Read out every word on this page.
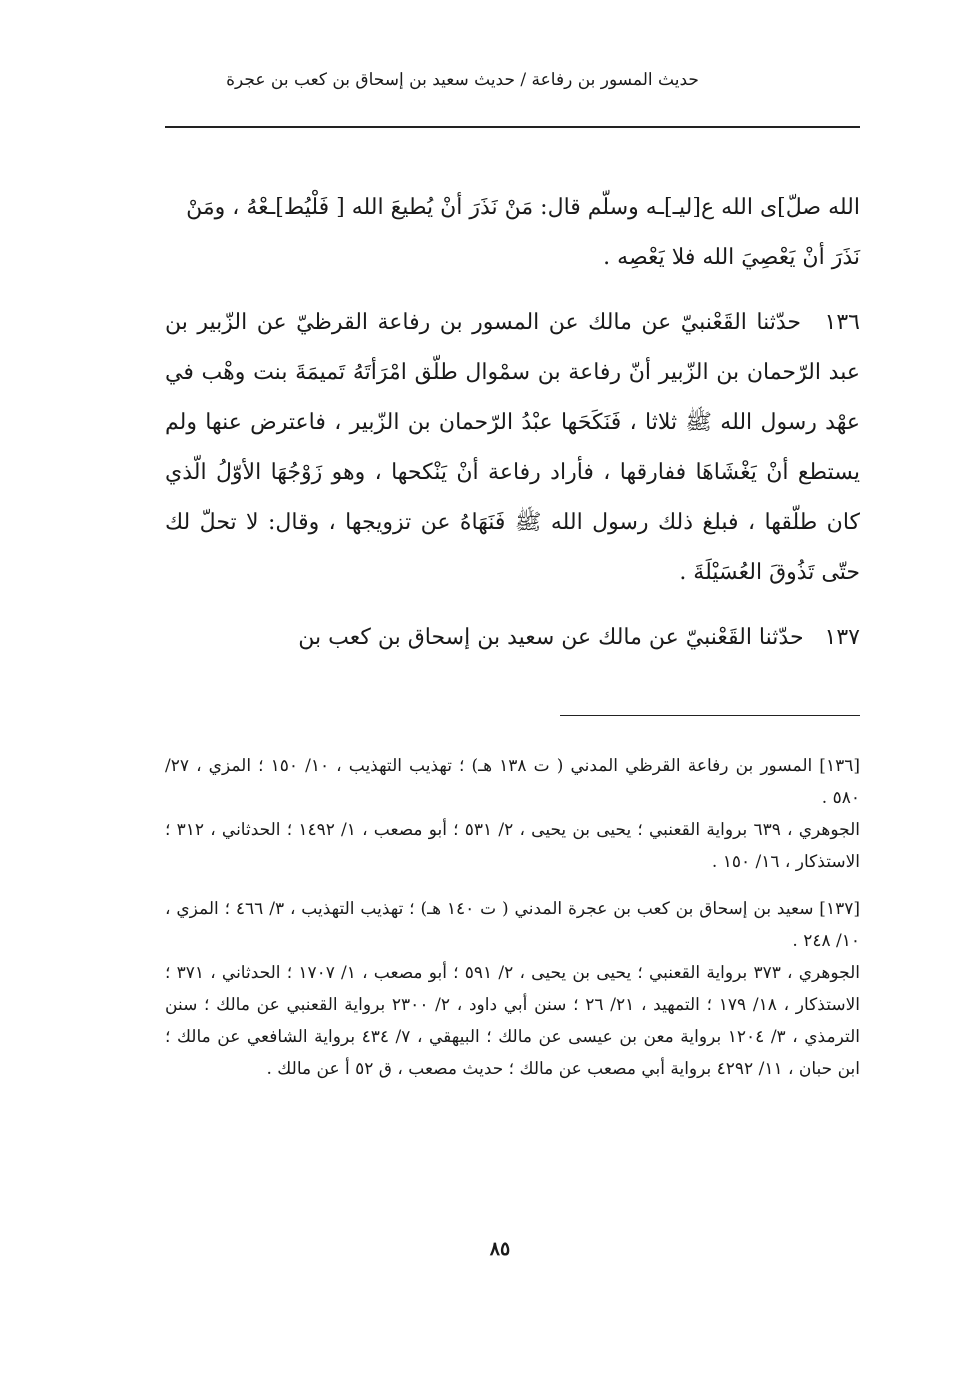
حديث المسور بن رفاعة / حديث سعيد بن إسحاق بن كعب بن عجرة

الله صلّ]ى الله ع[ليـ]ـه وسلّم قال: مَنْ نَذَرَ أنْ يُطيعَ الله [ فَلْيُط]ـعْهُ ، ومَنْ

نَذَرَ أنْ يَعْصِيَ الله فلا يَعْصِه .

١٣٦ حدّثنا القَعْنبيّ عن مالك عن المسور بن رفاعة القرظيّ عن الزّبير بن عبد الرّحمان بن الزّبير أنّ رفاعة بن سمْوال طلّق امْرَأتَهُ تَميمَةَ بنت وهْب في عهْد رسول الله ﷺ ثلاثا ، فَنَكَحَها عبْدُ الرّحمان بن الزّبير ، فاعترض عنها ولم يستطع أنْ يَغْشَاهَا ففارقها ، فأراد رفاعة أنْ يَنْكحها ، وهو زَوْجُهَا الأوّلُ الّذي كان طلّقها ، فبلغ ذلك رسول الله ﷺ فَنَهَاهُ عن تزويجها ، وقال: لا تحلّ لك حتّى تَذُوقَ العُسَيْلَةَ .

١٣٧ حدّثنا القَعْنبيّ عن مالك عن سعيد بن إسحاق بن كعب بن

[١٣٦] المسور بن رفاعة القرظي المدني ( ت ١٣٨ هـ) ؛ تهذيب التهذيب ، ١٠/ ١٥٠ ؛ المزي ، ٢٧/ ٥٨٠ .

الجوهري ، ٦٣٩ برواية القعنبي ؛ يحيى بن يحيى ، ٢/ ٥٣١ ؛ أبو مصعب ، ١/ ١٤٩٢ ؛ الحدثاني ، ٣١٢ ؛ الاستذكار ، ١٦/ ١٥٠ .

[١٣٧] سعيد بن إسحاق بن كعب بن عجرة المدني ( ت ١٤٠ هـ) ؛ تهذيب التهذيب ، ٣/ ٤٦٦ ؛ المزي ، ١٠/ ٢٤٨ .

الجوهري ، ٣٧٣ برواية القعنبي ؛ يحيى بن يحيى ، ٢/ ٥٩١ ؛ أبو مصعب ، ١/ ١٧٠٧ ؛ الحدثاني ، ٣٧١ ؛ الاستذكار ، ١٨/ ١٧٩ ؛ التمهيد ، ٢١/ ٢٦ ؛ سنن أبي داود ، ٢/ ٢٣٠٠ برواية القعنبي عن مالك ؛ سنن الترمذي ، ٣/ ١٢٠٤ برواية معن بن عيسى عن مالك ؛ البيهقي ، ٧/ ٤٣٤ برواية الشافعي عن مالك ؛ ابن حبان ، ١١/ ٤٢٩٢ برواية أبي مصعب عن مالك ؛ حديث مصعب ، ق ٥٢ أ عن مالك .

٨٥
